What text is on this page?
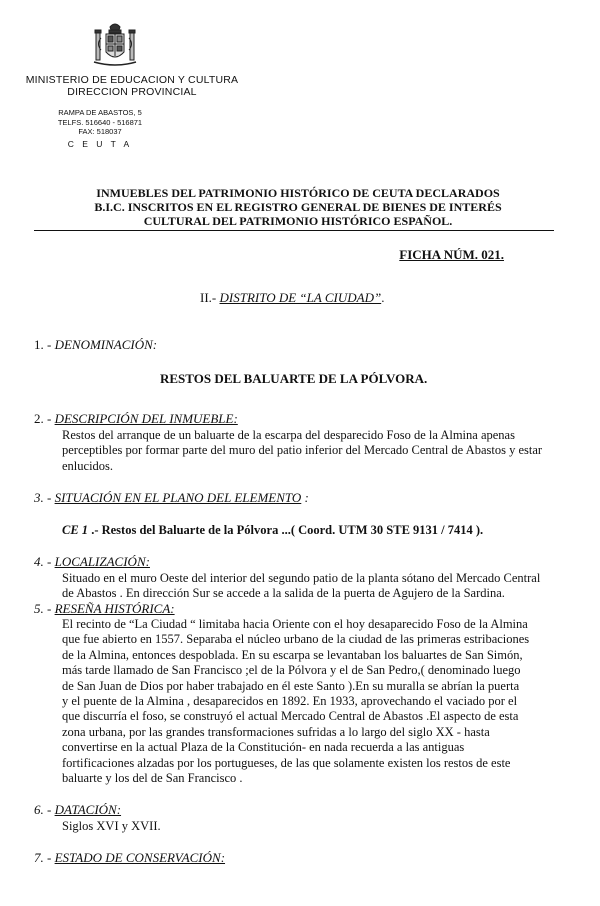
MINISTERIO DE EDUCACION Y CULTURA
DIRECCION PROVINCIAL
RAMPA DE ABASTOS, 5
TELFS. 516640 - 516871
FAX: 518037
C E U T A
INMUEBLES DEL PATRIMONIO HISTÓRICO DE CEUTA DECLARADOS
B.I.C. INSCRITOS EN EL REGISTRO GENERAL DE BIENES DE INTERÉS
CULTURAL DEL PATRIMONIO HISTÓRICO ESPAÑOL.
FICHA NÚM. 021.
II.- DISTRITO DE “LA CIUDAD”.
1. - DENOMINACIÓN:
RESTOS DEL BALUARTE DE LA PÓLVORA.
2. - DESCRIPCIÓN DEL INMUEBLE:
Restos del arranque de un baluarte de la escarpa del desparecido Foso de la Almina apenas
perceptibles por formar parte del muro del patio inferior del Mercado Central de Abastos y estar
enlucidos.
3. - SITUACIÓN EN EL PLANO DEL ELEMENTO :
CE 1 .- Restos del Baluarte de la Pólvora ...( Coord. UTM 30 STE 9131 / 7414 ).
4. - LOCALIZACIÓN:
Situado en el muro Oeste del interior del segundo patio de la planta sótano del Mercado Central
de Abastos . En dirección Sur se accede a la salida de la puerta de Agujero de la Sardina.
5. - RESEÑA HISTÓRICA:
El recinto de “La Ciudad “ limitaba hacia Oriente con el hoy desaparecido Foso de la Almina
que fue abierto en 1557. Separaba el núcleo urbano de la ciudad de las primeras estribaciones
de la Almina, entonces despoblada. En su escarpa se levantaban los baluartes de San Simón,
más tarde llamado de San Francisco ;el de la Pólvora y el de San Pedro,( denominado luego
de San Juan de Dios por haber trabajado en él este Santo ).En su muralla se abrían la puerta
y el puente de la Almina , desaparecidos en 1892. En 1933, aprovechando el vaciado por el
que discurría el foso, se construyó el actual Mercado Central de Abastos .El aspecto de esta
zona urbana, por las grandes transformaciones sufridas a lo largo del siglo XX - hasta
convertirse en la actual Plaza de la Constitución- en nada recuerda a las antiguas
fortificaciones alzadas por los portugueses, de las que solamente existen los restos de este
baluarte y los del de San Francisco .
6. - DATACIÓN:
Siglos XVI y XVII.
7. - ESTADO DE CONSERVACIÓN:
